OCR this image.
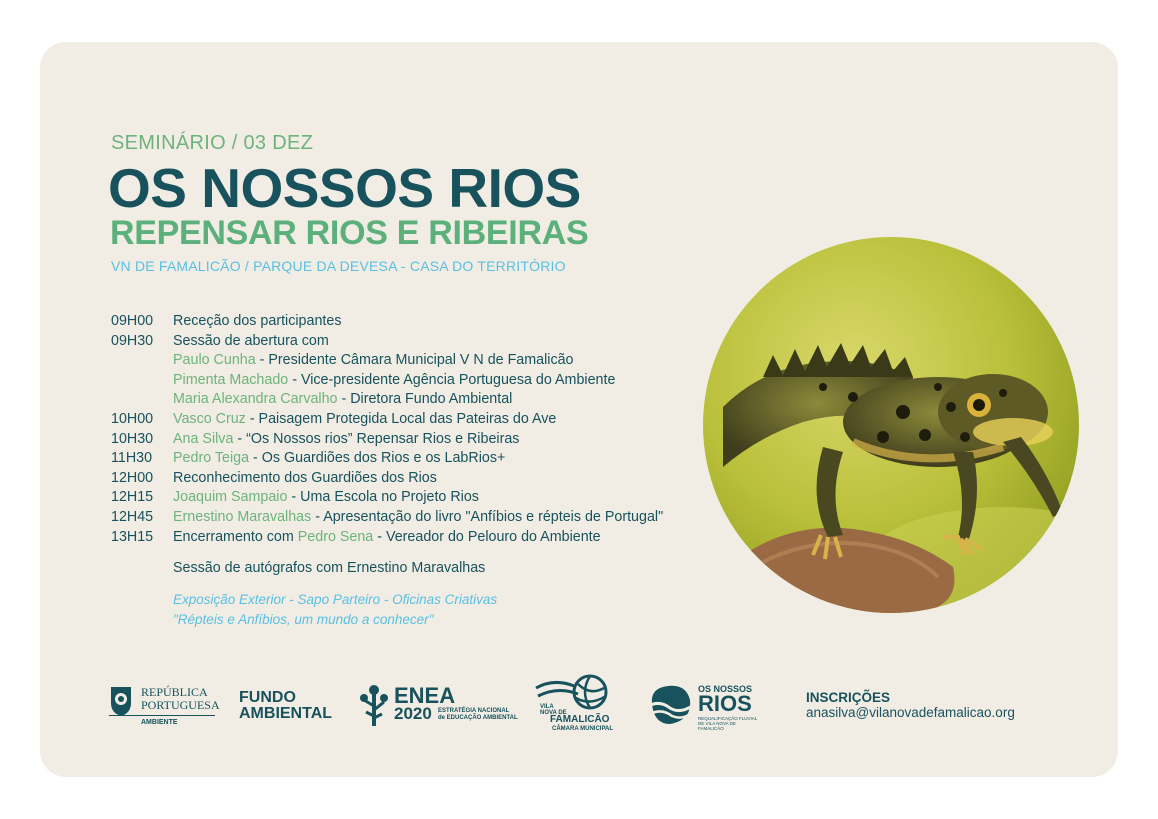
SEMINÁRIO / 03 DEZ
OS NOSSOS RIOS
REPENSAR RIOS E RIBEIRAS
VN DE FAMALICÃO / PARQUE DA DEVESA - CASA DO TERRITÓRIO
09H00	Receção dos participantes
09H30	Sessão de abertura com
Paulo Cunha - Presidente Câmara Municipal V N de Famalicão
Pimenta Machado - Vice-presidente Agência Portuguesa do Ambiente
Maria Alexandra Carvalho - Diretora Fundo Ambiental
10H00	Vasco Cruz - Paisagem Protegida Local das Pateiras do Ave
10H30	Ana Silva - “Os Nossos rios” Repensar Rios e Ribeiras
11H30	Pedro Teiga - Os Guardiões dos Rios e os LabRios+
12H00	Reconhecimento dos Guardiões dos Rios
12H15	Joaquim Sampaio - Uma Escola no Projeto Rios
12H45	Ernestino Maravalhas - Apresentação do livro "Anfíbios e répteis de Portugal"
13H15	Encerramento com Pedro Sena - Vereador do Pelouro do Ambiente
Sessão de autógrafos com Ernestino Maravalhas
Exposição Exterior - Sapo Parteiro - Oficinas Criativas
"Répteis e Anfíbios, um mundo a conhecer"
REPÚBLICA
PORTUGUESA
AMBIENTE
FUNDO
AMBIENTAL
ENEA
2020 ESTRATÉGIA NACIONAL
de EDUCAÇÃO AMBIENTAL
VILA
NOVA DE
FAMALICÃO
CÂMARA MUNICIPAL
OS NOSSOS
RIOS
REQUALIFICAÇÃO FLUVIAL
DE VILA NOVA DE FAMALICÃO
INSCRIÇÕES
anasilva@vilanovadefamalicao.org
